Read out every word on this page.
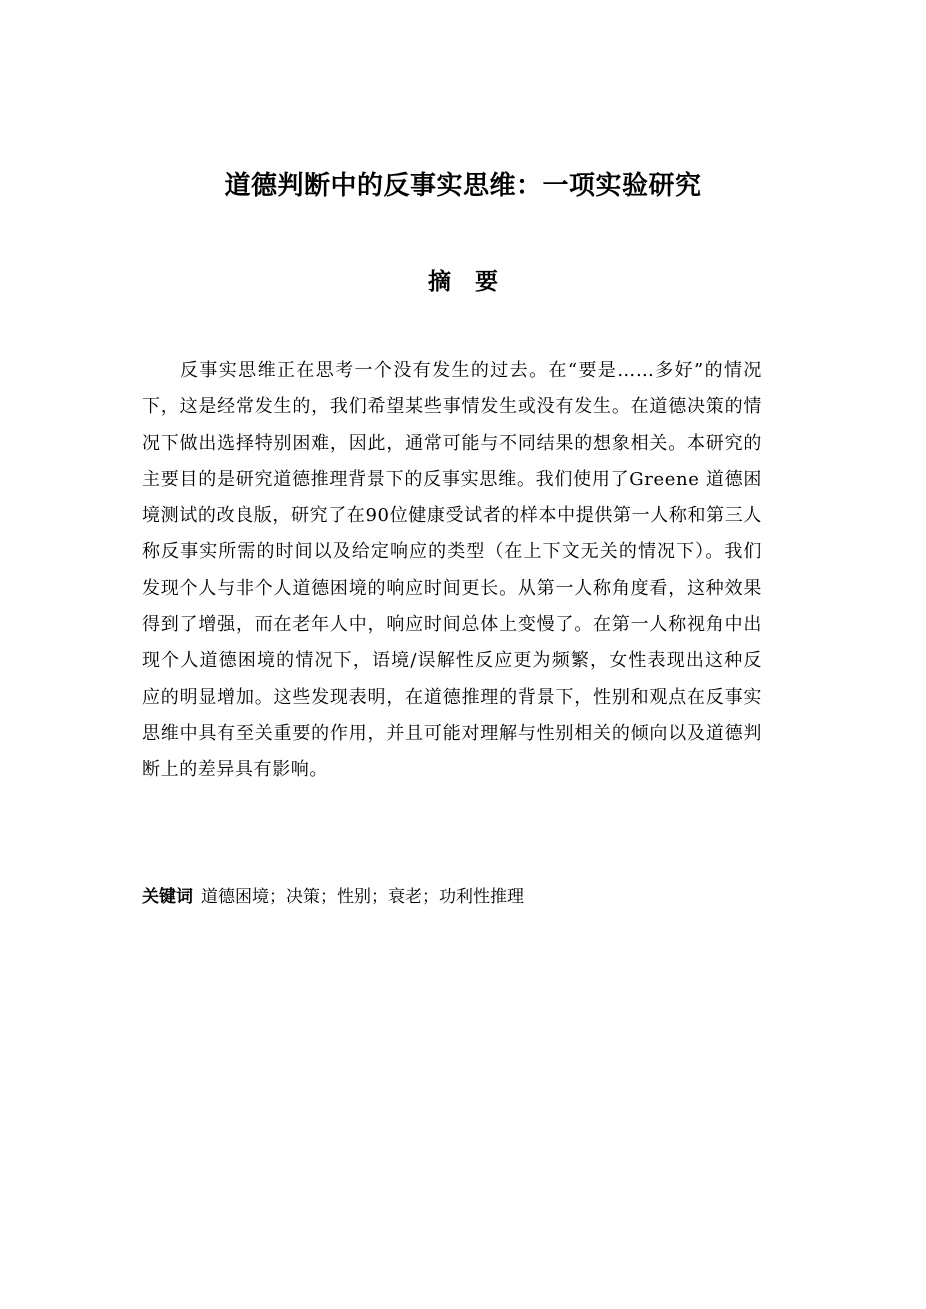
道德判断中的反事实思维：一项实验研究
摘 要

反事实思维正在思考一个没有发生的过去。在“要是……多好”的情况下，这是经常发生的，我们希望某些事情发生或没有发生。在道德决策的情况下做出选择特别困难，因此，通常可能与不同结果的想象相关。本研究的主要目的是研究道德推理背景下的反事实思维。我们使用了Greene 道德困境测试的改良版，研究了在90位健康受试者的样本中提供第一人称和第三人称反事实所需的时间以及给定响应的类型（在上下文无关的情况下）。我们发现个人与非个人道德困境的响应时间更长。从第一人称角度看，这种效果得到了增强，而在老年人中，响应时间总体上变慢了。在第一人称视角中出现个人道德困境的情况下，语境/误解性反应更为频繁，女性表现出这种反应的明显增加。这些发现表明，在道德推理的背景下，性别和观点在反事实思维中具有至关重要的作用，并且可能对理解与性别相关的倾向以及道德判断上的差异具有影响。

关键词 道德困境；决策；性别；衰老；功利性推理
